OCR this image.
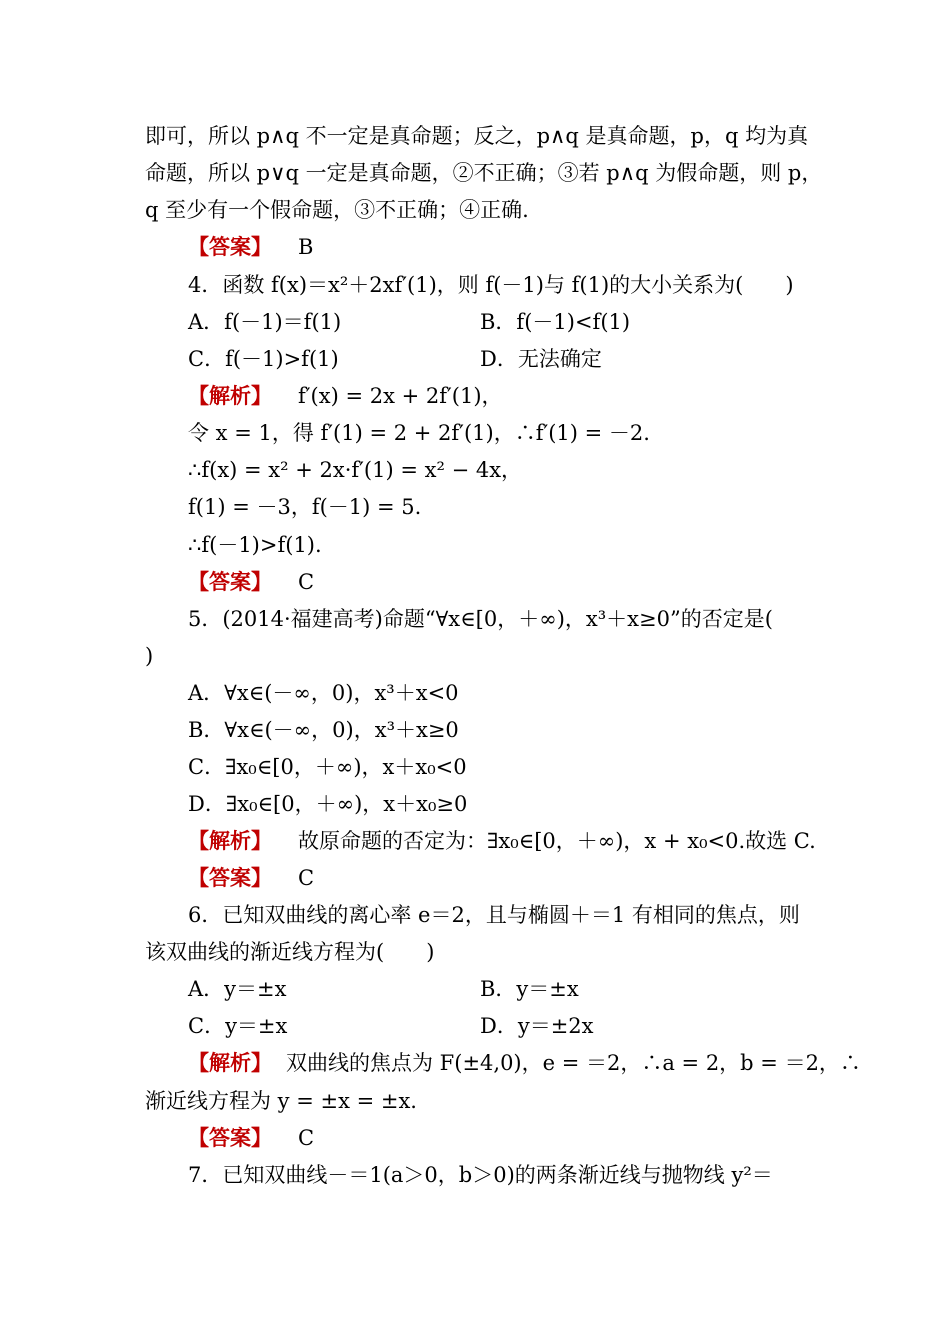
即可，所以 p∧q 不一定是真命题；反之，p∧q 是真命题，p，q 均为真
命题，所以 p∨q 一定是真命题，②不正确；③若 p∧q 为假命题，则 p，
q 至少有一个假命题，③不正确；④正确.
【答案】 B
4．函数 f(x)＝x²＋2xf′(1)，则 f(－1)与 f(1)的大小关系为(　　)
A．f(－1)＝f(1)	B．f(－1)<f(1)
C．f(－1)>f(1)	D．无法确定
【解析】 f′(x) = 2x + 2f′(1)，
令 x = 1，得 f′(1) = 2 + 2f′(1)，∴f′(1) = －2.
∴f(x) = x² + 2x·f′(1) = x² − 4x，
f(1) = －3，f(－1) = 5.
∴f(－1)>f(1).
【答案】 C
5．(2014·福建高考)命题“∀x∈[0，＋∞)，x³＋x≥0”的否定是(
)
A．∀x∈(－∞，0)，x³＋x<0
B．∀x∈(－∞，0)，x³＋x≥0
C．∃x₀∈[0，＋∞)，x＋x₀<0
D．∃x₀∈[0，＋∞)，x＋x₀≥0
【解析】 故原命题的否定为：∃x₀∈[0，＋∞)，x + x₀<0.故选 C.
【答案】 C
6．已知双曲线的离心率 e＝2，且与椭圆＋＝1 有相同的焦点，则
该双曲线的渐近线方程为(　　)
A．y＝±x	B．y＝±x
C．y＝±x	D．y＝±2x
【解析】 双曲线的焦点为 F(±4,0)，e = ＝2，∴a = 2，b = ＝2，∴
渐近线方程为 y = ±x = ±x.
【答案】 C
7．已知双曲线－＝1(a＞0，b＞0)的两条渐近线与抛物线 y²＝
